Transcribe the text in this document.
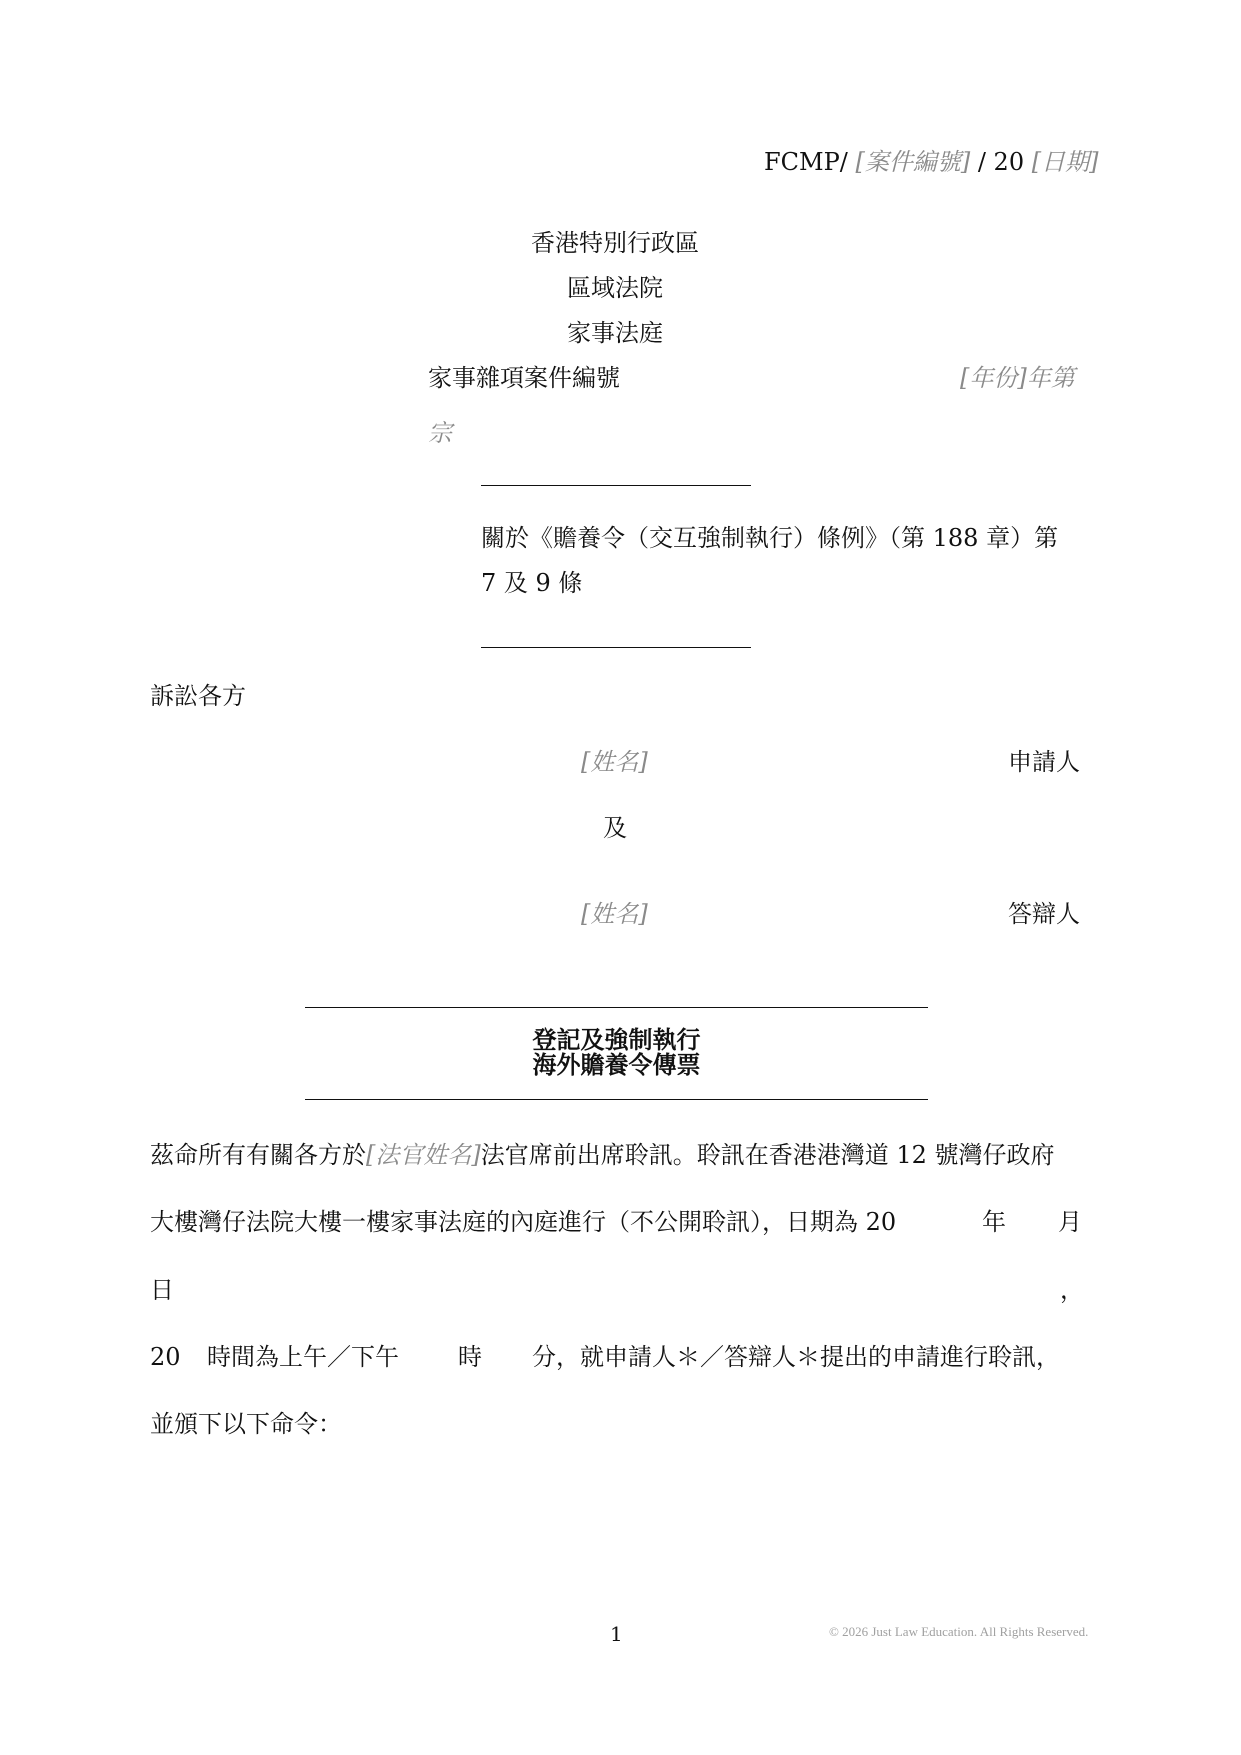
FCMP/ [案件編號] / 20 [日期]
香港特別行政區
區域法院
家事法庭
家事雜項案件編號	[年份]年第
宗
關於《贍養令（交互強制執行）條例》（第 188 章）第
7 及 9 條
訴訟各方
[姓名]	申請人
及
[姓名]	答辯人
登記及強制執行
海外贍養令傳票
茲命所有有關各方於[法官姓名]法官席前出席聆訊。聆訊在香港港灣道 12 號灣仔政府
大樓灣仔法院大樓一樓家事法庭的內庭進行（不公開聆訊），日期為 20	年 月
日	，
20 時間為上午／下午 時 分，就申請人＊／答辯人＊提出的申請進行聆訊，
並頒下以下命令：
1	© 2026 Just Law Education. All Rights Reserved.
